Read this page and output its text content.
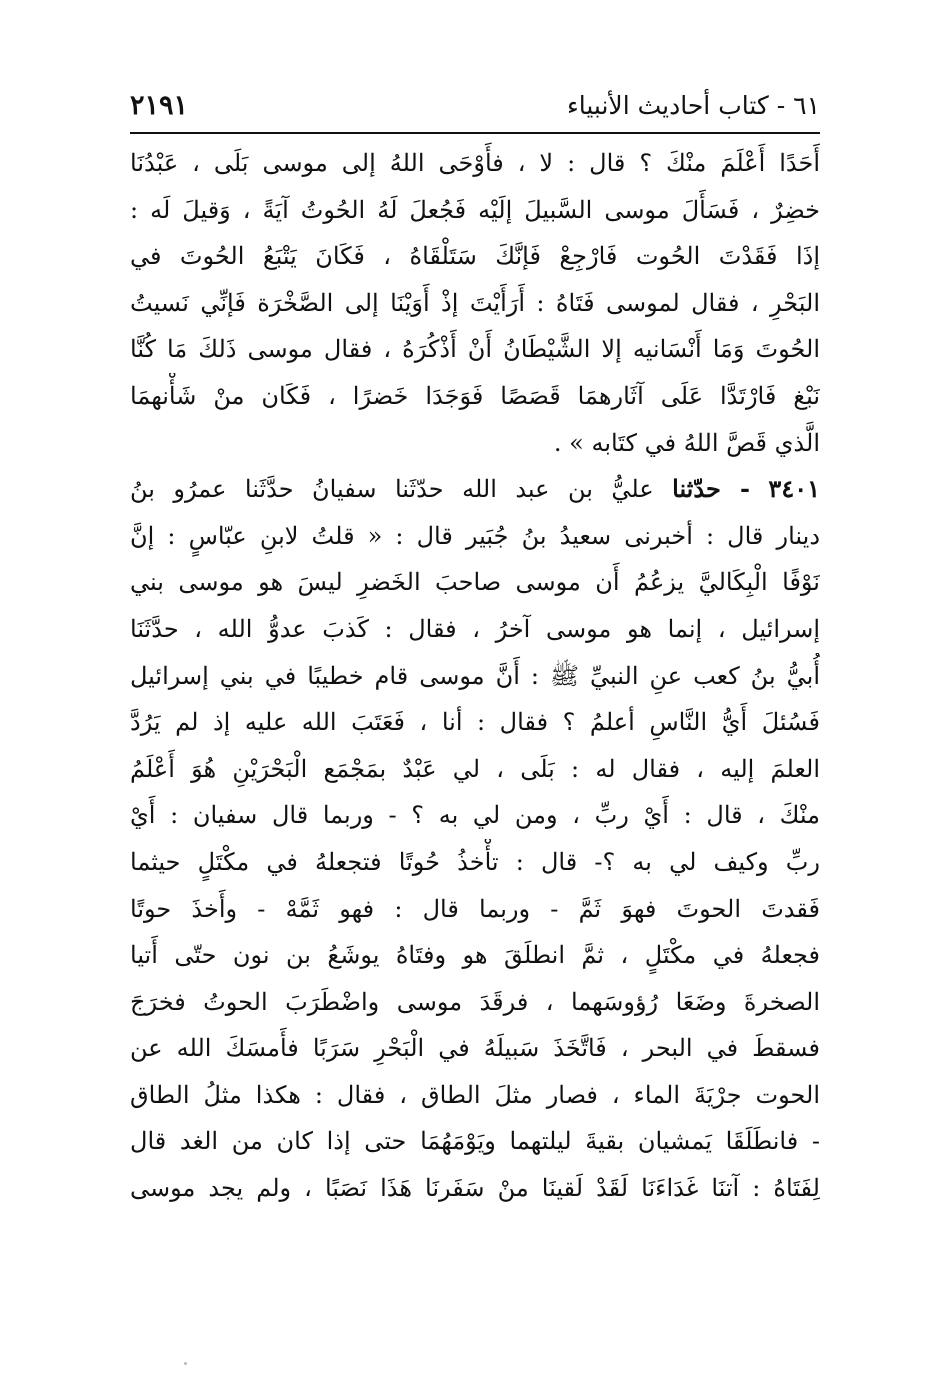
٦١ - كتاب أحاديث الأنبياء
٢١٩١
أَحَدًا أَعْلَمَ منْكَ ؟ قال : لا ، فأَوْحَى اللهُ إلى موسى بَلَى ، عَبْدُنَا
خضِرٌ ، فَسَأَلَ موسى السَّبيلَ إلَيْه فَجُعلَ لَهُ الحُوتُ آيَةً ، وَقيلَ لَه :
إذَا فَقَدْتَ الحُوت فَارْجِعْ فَإنَّكَ سَتَلْقَاهُ ، فَكَانَ يَتْبَعُ الحُوتَ في
البَحْرِ ، فقال لموسى فَتَاهُ : أَرَأَيْتَ إذْ أَوَيْنَا إلى الصَّخْرَة فَإنِّي نَسيتُ
الحُوتَ وَمَا أَنْسَانيه إلا الشَّيْطَانُ أَنْ أَذْكُرَهُ ، فقال موسى ذَلكَ مَا كُنَّا
نَبْغ فَارْتَدَّا عَلَى آثَارهمَا قَصَصًا فَوَجَدَا خَضرًا ، فَكَان منْ شَأْنهمَا
الَّذي قَصَّ اللهُ في كتَابه » .
٣٤٠١ - حدّثنا عليُّ بن عبد الله حدّثَنا سفيانُ حدَّثَنا عمرُو بنُ
دينار قال : أخبرنى سعيدُ بنُ جُبَير قال : « قلتُ لابنِ عبّاسٍ : إنَّ
نَوْفًا الْبِكَاليَّ يزعُمُ أَن موسى صاحبَ الخَضرِ ليسَ هو موسى بني
إسرائيل ، إنما هو موسى آخرُ ، فقال : كَذبَ عدوُّ الله ، حدَّثَنَا
أُبيُّ بنُ كعب عنِ النبيِّ ﷺ : أَنَّ موسى قام خطيبًا في بني إسرائيل
فَسُئلَ أَيُّ النَّاسِ أعلمُ ؟ فقال : أنا ، فَعَتَبَ الله عليه إذ لم يَرُدَّ
العلمَ إليه ، فقال له : بَلَى ، لي عَبْدٌ بمَجْمَع الْبَحْرَيْنِ هُوَ أَعْلَمُ
منْكَ ، قال : أَيْ ربِّ ، ومن لي به ؟ - وربما قال سفيان : أَيْ
ربِّ وكيف لي به ؟- قال : تأْخذُ حُوتًا فتجعلهُ في مكْتَلٍ حيثما
فَقدتَ الحوتَ فهوَ ثَمَّ - وربما قال : فهو ثَمَّهْ - وأَخذَ حوتًا
فجعلهُ في مكْتَلٍ ، ثمَّ انطلَقَ هو وفتَاهُ يوشَعُ بن نون حتّى أَتيا
الصخرةَ وضَعَا رُؤوسَهما ، فرقَدَ موسى واضْطَرَبَ الحوتُ فخرَجَ
فسقطَ في البحر ، فَاتَّخَذَ سَبيلَهُ في الْبَحْرِ سَرَبًا فأَمسَكَ الله عن
الحوت جرْيَةَ الماء ، فصار مثلَ الطاق ، فقال : هكذا مثلُ الطاق
- فانطَلَقَا يَمشيان بقيةَ ليلتهما ويَوْمَهُمَا حتى إذا كان من الغد قال
لِفَتَاهُ : آتنَا غَدَاءَنَا لَقَدْ لَقينَا منْ سَفَرنَا هَذَا نَصَبًا ، ولم يجد موسى
